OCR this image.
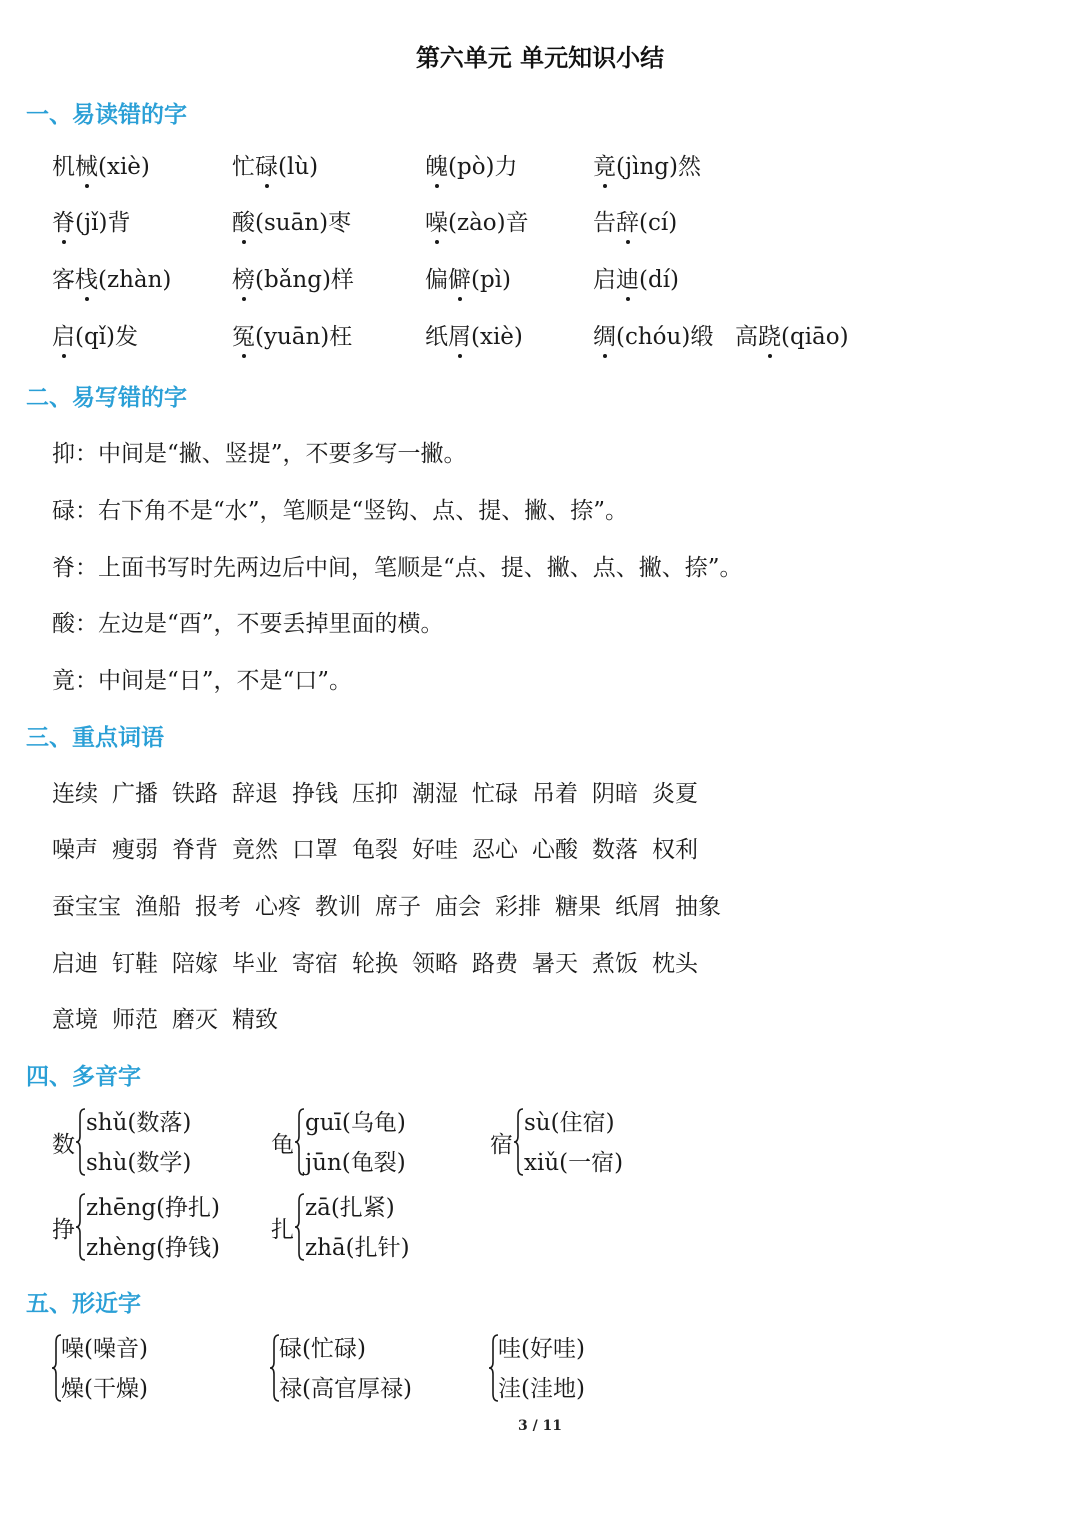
第六单元 单元知识小结
一、易读错的字
机械(xiè)	忙碌(lù)	魄(pò)力	竟(jìng)然
脊(jǐ)背	酸(suān)枣	噪(zào)音	告辞(cí)
客栈(zhàn)	榜(bǎng)样	偏僻(pì)	启迪(dí)
启(qǐ)发	冤(yuān)枉	纸屑(xiè)	绸(chóu)缎 高跷(qiāo)
二、易写错的字
抑：中间是“撇、竖提”，不要多写一撇。
碌：右下角不是“水”，笔顺是“竖钩、点、提、撇、捺”。
脊：上面书写时先两边后中间，笔顺是“点、提、撇、点、撇、捺”。
酸：左边是“酉”，不要丢掉里面的横。
竟：中间是“日”，不是“口”。
三、重点词语
连续 广播 铁路 辞退 挣钱 压抑 潮湿 忙碌 吊着 阴暗 炎夏
噪声 瘦弱 脊背 竟然 口罩 龟裂 好哇 忍心 心酸 数落 权利
蚕宝宝 渔船 报考 心疼 教训 席子 庙会 彩排 糖果 纸屑 抽象
启迪 钉鞋 陪嫁 毕业 寄宿 轮换 领略 路费 暑天 煮饭 枕头
意境 师范 磨灭 精致
四、多音字
数
shǔ(数落)
shù(数学)
龟
guī(乌龟)
jūn(龟裂)
宿
sù(住宿)
xiǔ(一宿)
挣
zhēng(挣扎)
zhèng(挣钱)
扎
zā(扎紧)
zhā(扎针)
五、形近字
噪(噪音)
燥(干燥)
碌(忙碌)
禄(高官厚禄)
哇(好哇)
洼(洼地)
3 / 11
